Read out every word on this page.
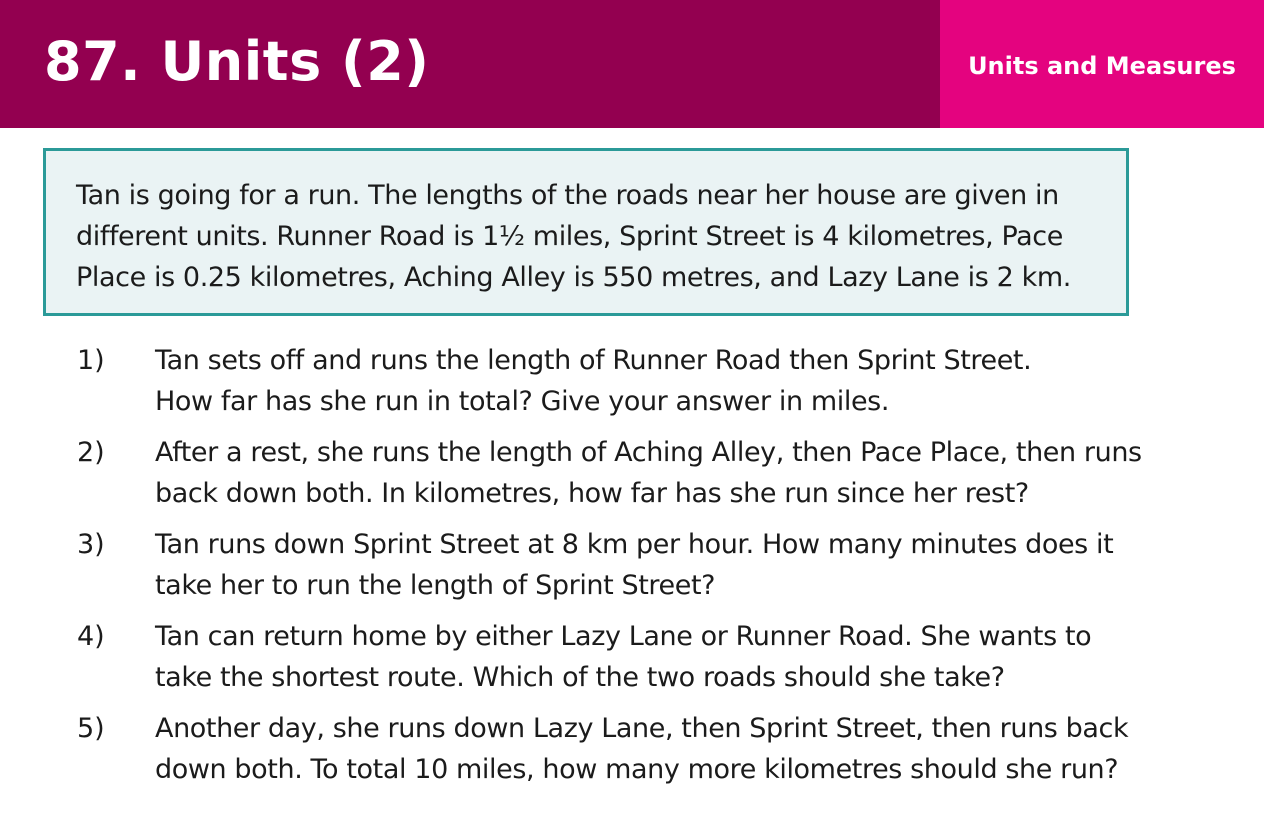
87. Units (2)	Units and Measures
Tan is going for a run. The lengths of the roads near her house are given in
different units. Runner Road is 1½ miles, Sprint Street is 4 kilometres, Pace
Place is 0.25 kilometres, Aching Alley is 550 metres, and Lazy Lane is 2 km.
1)	Tan sets off and runs the length of Runner Road then Sprint Street.
How far has she run in total? Give your answer in miles.
2)	After a rest, she runs the length of Aching Alley, then Pace Place, then runs
back down both. In kilometres, how far has she run since her rest?
3)	Tan runs down Sprint Street at 8 km per hour. How many minutes does it
take her to run the length of Sprint Street?
4)	Tan can return home by either Lazy Lane or Runner Road. She wants to
take the shortest route. Which of the two roads should she take?
5)	Another day, she runs down Lazy Lane, then Sprint Street, then runs back
down both. To total 10 miles, how many more kilometres should she run?
